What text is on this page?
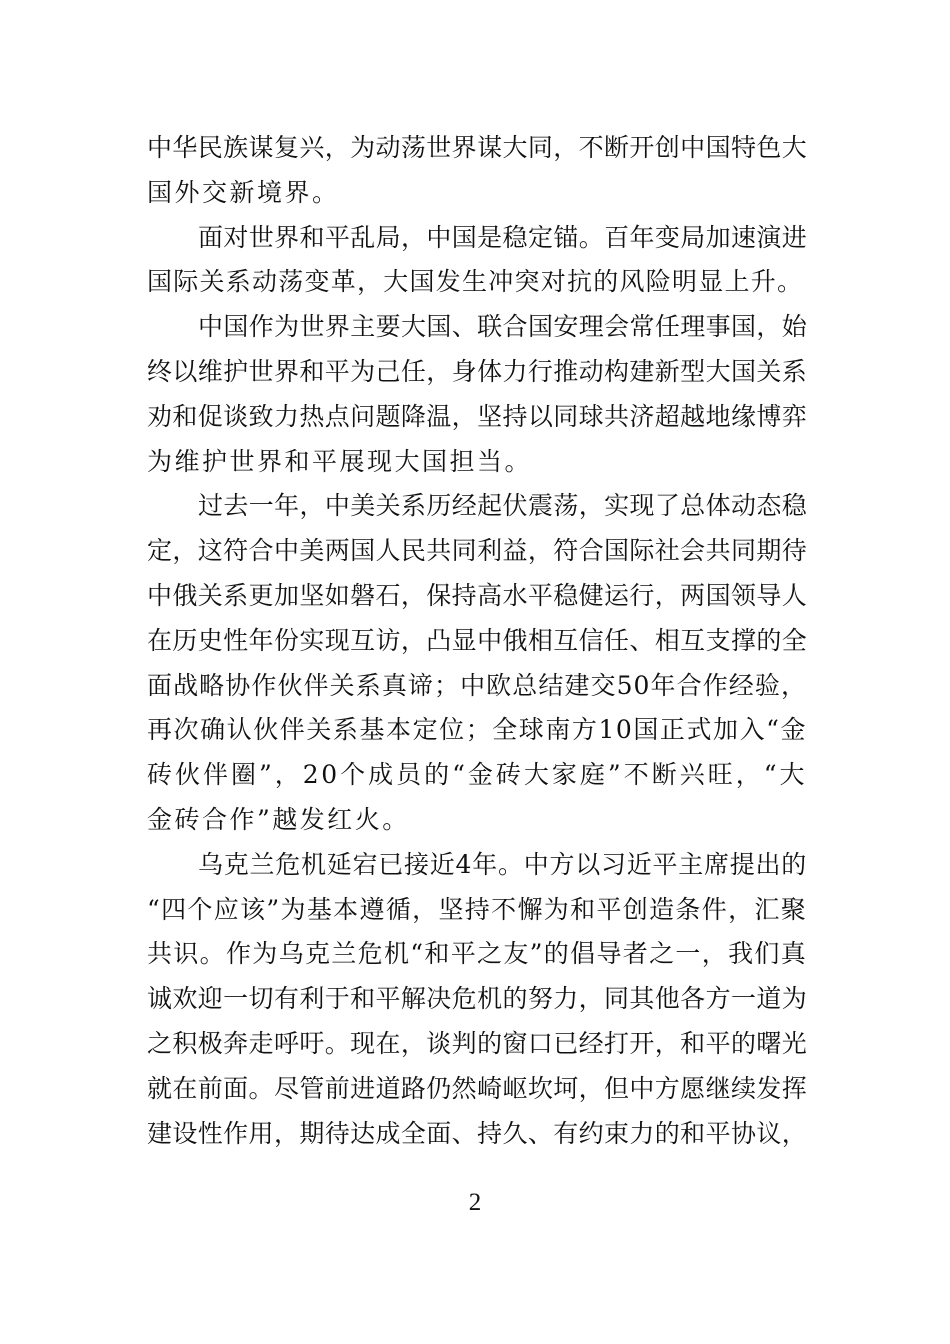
中华民族谋复兴，为动荡世界谋大同，不断开创中国特色大
国外交新境界。
面对世界和平乱局，中国是稳定锚。百年变局加速演进
国际关系动荡变革，大国发生冲突对抗的风险明显上升。
中国作为世界主要大国、联合国安理会常任理事国，始
终以维护世界和平为己任，身体力行推动构建新型大国关系
劝和促谈致力热点问题降温，坚持以同球共济超越地缘博弈
为维护世界和平展现大国担当。
过去一年，中美关系历经起伏震荡，实现了总体动态稳
定，这符合中美两国人民共同利益，符合国际社会共同期待
中俄关系更加坚如磐石，保持高水平稳健运行，两国领导人
在历史性年份实现互访，凸显中俄相互信任、相互支撑的全
面战略协作伙伴关系真谛；中欧总结建交50年合作经验，
再次确认伙伴关系基本定位；全球南方10国正式加入“金
砖伙伴圈”，20个成员的“金砖大家庭”不断兴旺，“大
金砖合作”越发红火。
乌克兰危机延宕已接近4年。中方以习近平主席提出的
“四个应该”为基本遵循，坚持不懈为和平创造条件，汇聚
共识。作为乌克兰危机“和平之友”的倡导者之一，我们真
诚欢迎一切有利于和平解决危机的努力，同其他各方一道为
之积极奔走呼吁。现在，谈判的窗口已经打开，和平的曙光
就在前面。尽管前进道路仍然崎岖坎坷，但中方愿继续发挥
建设性作用，期待达成全面、持久、有约束力的和平协议，
2
